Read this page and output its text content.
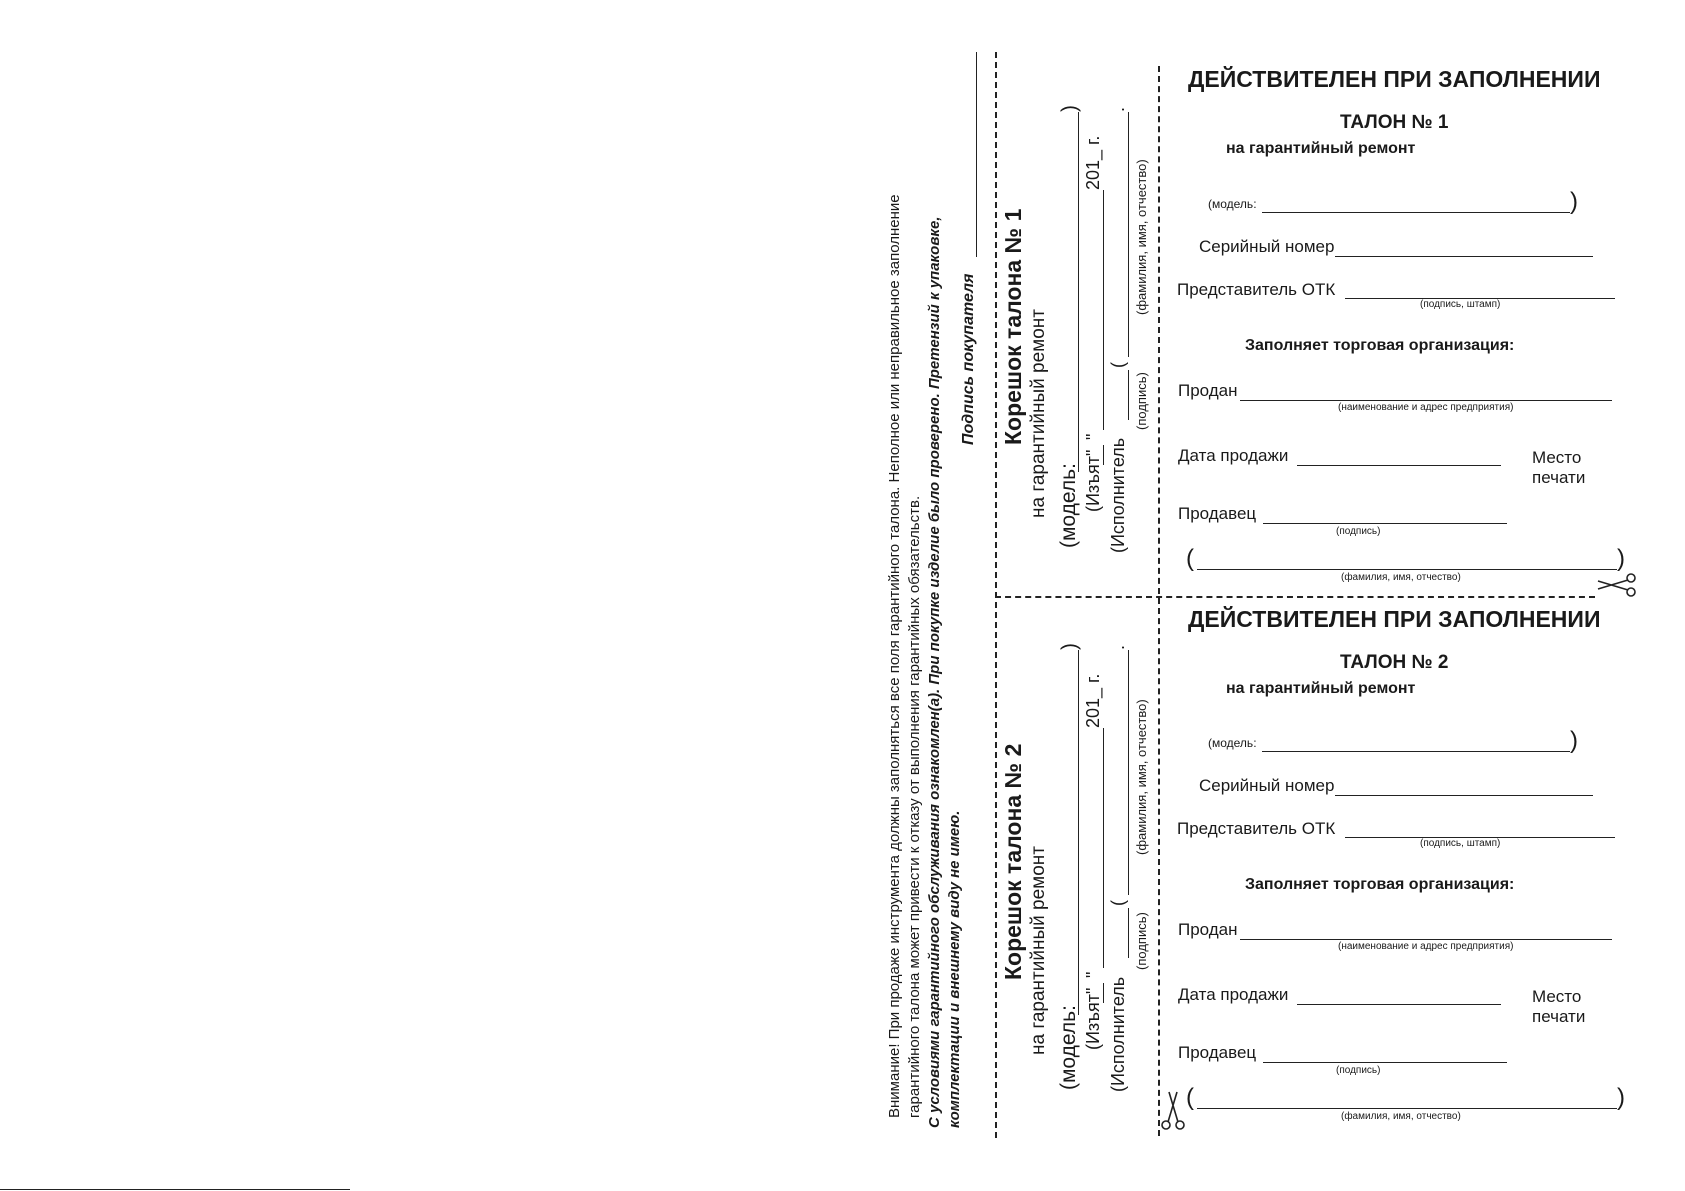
Внимание! При продаже инструмента должны заполняться все поля гарантийного талона. Неполное или неправильное заполнение гарантийного талона может привести к отказу от выполнения гарантийных обязательств. С условиями гарантийного обслуживания ознакомлен(а). При покупке изделие было проверено. Претензий к упаковке, комплектации и внешнему виду не имею.
Подпись покупателя Корешок талона № 1 на гарантийный ремонт (модель:
)
(Изъят"
"
201_ г.
(Исполнитель
(
.
(подпись)
(фамилия, имя, отчество)
Корешок талона № 2 на гарантийный ремонт (модель:
)
(Изъят"
"
201_ г.
(Исполнитель
(
.
(подпись)
(фамилия, имя, отчество)
ДЕЙСТВИТЕЛЕН ПРИ ЗАПОЛНЕНИИ
ТАЛОН № 1
на гарантийный ремонт
(модель:	)
Серийный номер
Представитель ОТК
(подпись, штамп)
Заполняет торговая организация:
Продан
(наименование и адрес предприятия)
Дата продажи	Место
печати
Продавец
(подпись)
(	)
(фамилия, имя, отчество)
ДЕЙСТВИТЕЛЕН ПРИ ЗАПОЛНЕНИИ
ТАЛОН № 2
на гарантийный ремонт
(модель:	)
Серийный номер
Представитель ОТК
(подпись, штамп)
Заполняет торговая организация:
Продан
(наименование и адрес предприятия)
Дата продажи	Место
печати
Продавец
(подпись)
(	)
(фамилия, имя, отчество)
